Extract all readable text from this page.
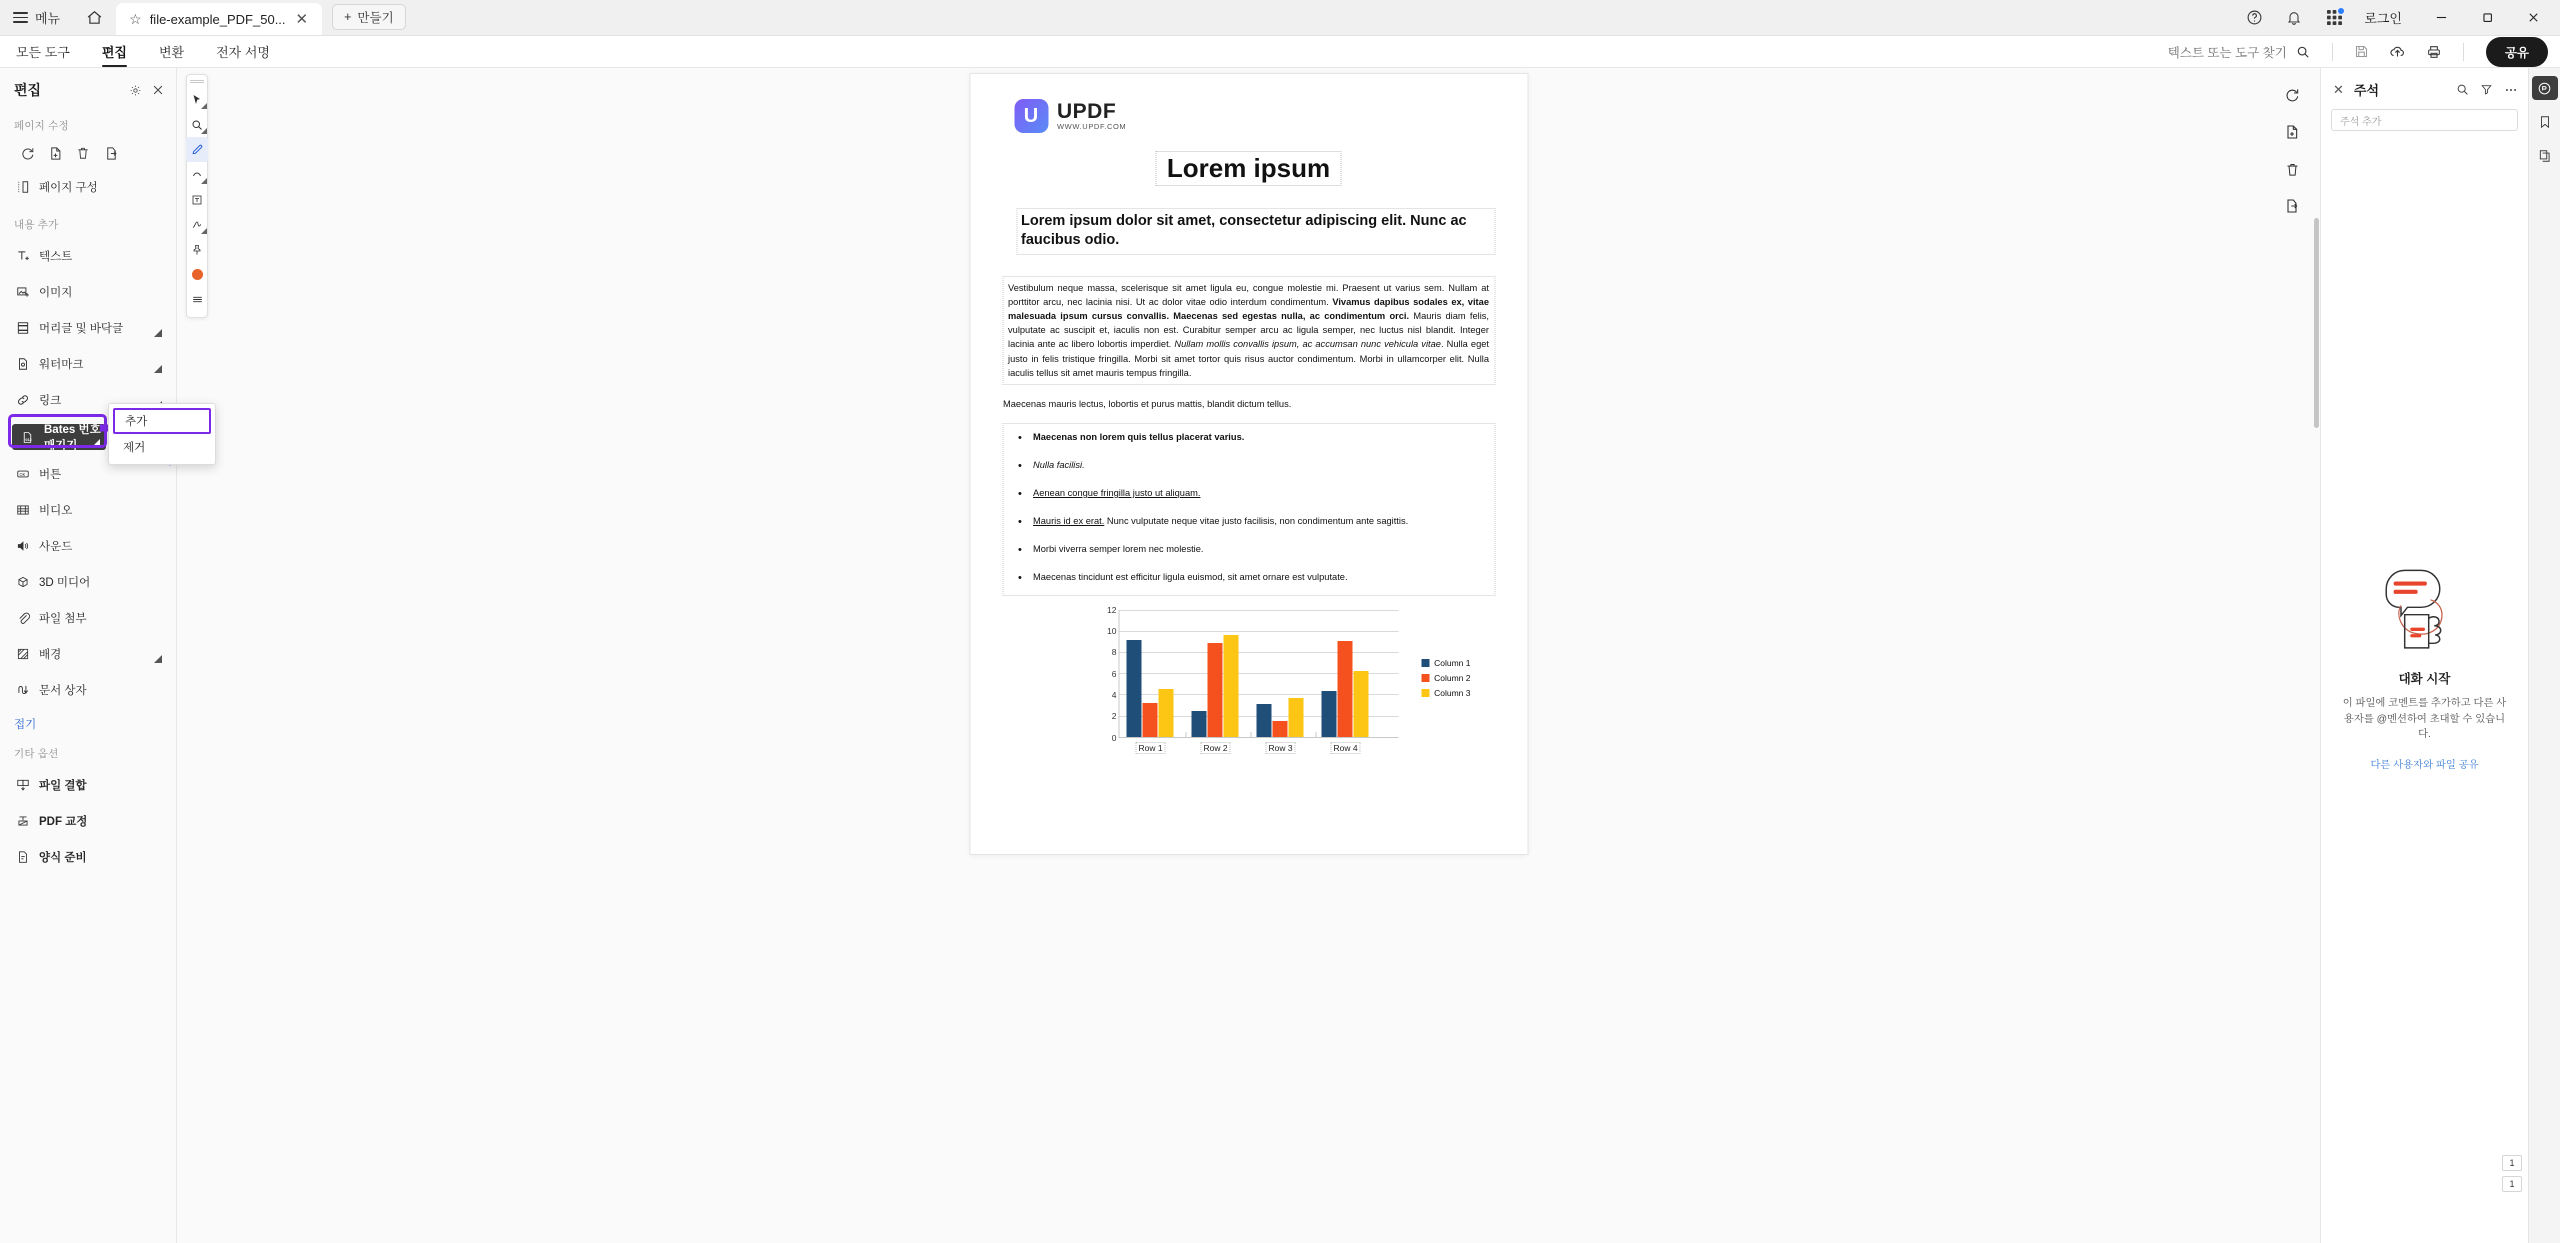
메뉴	☆ file-example_PDF_50... ✕	+ 만들기	로그인
모든 도구 편집 변환 전자 서명	텍스트 또는 도구 찾기	공유
편집
페이지 수정
페이지 구성
내용 추가
텍스트
이미지
머리글 및 바닥글
워터마크
링크
012
Bates 번호 매기기
OK 버튼
비디오
사운드
3D 미디어
파일 첨부
배경
문서 상자
접기
기타 옵션
파일 결합
PDF 교정
양식 준비
추가
제거
U UPDF
WWW.UPDF.COM
Lorem ipsum
Lorem ipsum dolor sit amet, consectetur adipiscing elit. Nunc ac faucibus odio.
Vestibulum neque massa, scelerisque sit amet ligula eu, congue molestie mi. Praesent ut varius sem. Nullam at porttitor arcu, nec lacinia nisi. Ut ac dolor vitae odio interdum condimentum. Vivamus dapibus sodales ex, vitae malesuada ipsum cursus convallis. Maecenas sed egestas nulla, ac condimentum orci. Mauris diam felis, vulputate ac suscipit et, iaculis non est. Curabitur semper arcu ac ligula semper, nec luctus nisl blandit. Integer lacinia ante ac libero lobortis imperdiet. Nullam mollis convallis ipsum, ac accumsan nunc vehicula vitae. Nulla eget justo in felis tristique fringilla. Morbi sit amet tortor quis risus auctor condimentum. Morbi in ullamcorper elit. Nulla iaculis tellus sit amet mauris tempus fringilla.
Maecenas mauris lectus, lobortis et purus mattis, blandit dictum tellus.
• Maecenas non lorem quis tellus placerat varius.
• Nulla facilisi.
• Aenean congue fringilla justo ut aliquam.
• Mauris id ex erat. Nunc vulputate neque vitae justo facilisis, non condimentum ante sagittis.
• Morbi viverra semper lorem nec molestie.
• Maecenas tincidunt est efficitur ligula euismod, sit amet ornare est vulputate.
12
10
8
6
4
2
0
Row 1	Row 2	Row 3	Row 4
Column 1
Column 2
Column 3
✕ 주석
주석 추가
대화 시작
이 파일에 코멘트를 추가하고 다른 사용자를 @멘션하여 초대할 수 있습니다.
다른 사용자와 파일 공유
1
1
